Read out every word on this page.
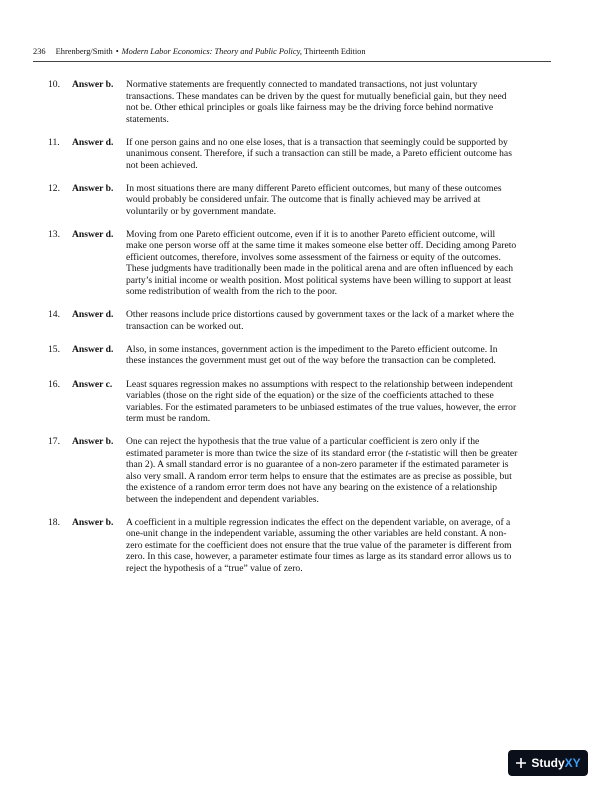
236 Ehrenberg/Smith • Modern Labor Economics: Theory and Public Policy, Thirteenth Edition
10.	Answer b.	Normative statements are frequently connected to mandated transactions, not just voluntary transactions. These mandates can be driven by the quest for mutually beneficial gain, but they need not be. Other ethical principles or goals like fairness may be the driving force behind normative statements.
11.	Answer d.	If one person gains and no one else loses, that is a transaction that seemingly could be supported by unanimous consent. Therefore, if such a transaction can still be made, a Pareto efficient outcome has not been achieved.
12.	Answer b.	In most situations there are many different Pareto efficient outcomes, but many of these outcomes would probably be considered unfair. The outcome that is finally achieved may be arrived at voluntarily or by government mandate.
13.	Answer d.	Moving from one Pareto efficient outcome, even if it is to another Pareto efficient outcome, will make one person worse off at the same time it makes someone else better off. Deciding among Pareto efficient outcomes, therefore, involves some assessment of the fairness or equity of the outcomes. These judgments have traditionally been made in the political arena and are often influenced by each party’s initial income or wealth position. Most political systems have been willing to support at least some redistribution of wealth from the rich to the poor.
14.	Answer d.	Other reasons include price distortions caused by government taxes or the lack of a market where the transaction can be worked out.
15.	Answer d.	Also, in some instances, government action is the impediment to the Pareto efficient outcome. In these instances the government must get out of the way before the transaction can be completed.
16.	Answer c.	Least squares regression makes no assumptions with respect to the relationship between independent variables (those on the right side of the equation) or the size of the coefficients attached to these variables. For the estimated parameters to be unbiased estimates of the true values, however, the error term must be random.
17.	Answer b.	One can reject the hypothesis that the true value of a particular coefficient is zero only if the estimated parameter is more than twice the size of its standard error (the t-statistic will then be greater than 2). A small standard error is no guarantee of a non-zero parameter if the estimated parameter is also very small. A random error term helps to ensure that the estimates are as precise as possible, but the existence of a random error term does not have any bearing on the existence of a relationship between the independent and dependent variables.
18.	Answer b.	A coefficient in a multiple regression indicates the effect on the dependent variable, on average, of a one-unit change in the independent variable, assuming the other variables are held constant. A non-zero estimate for the coefficient does not ensure that the true value of the parameter is different from zero. In this case, however, a parameter estimate four times as large as its standard error allows us to reject the hypothesis of a “true” value of zero.
StudyXY
